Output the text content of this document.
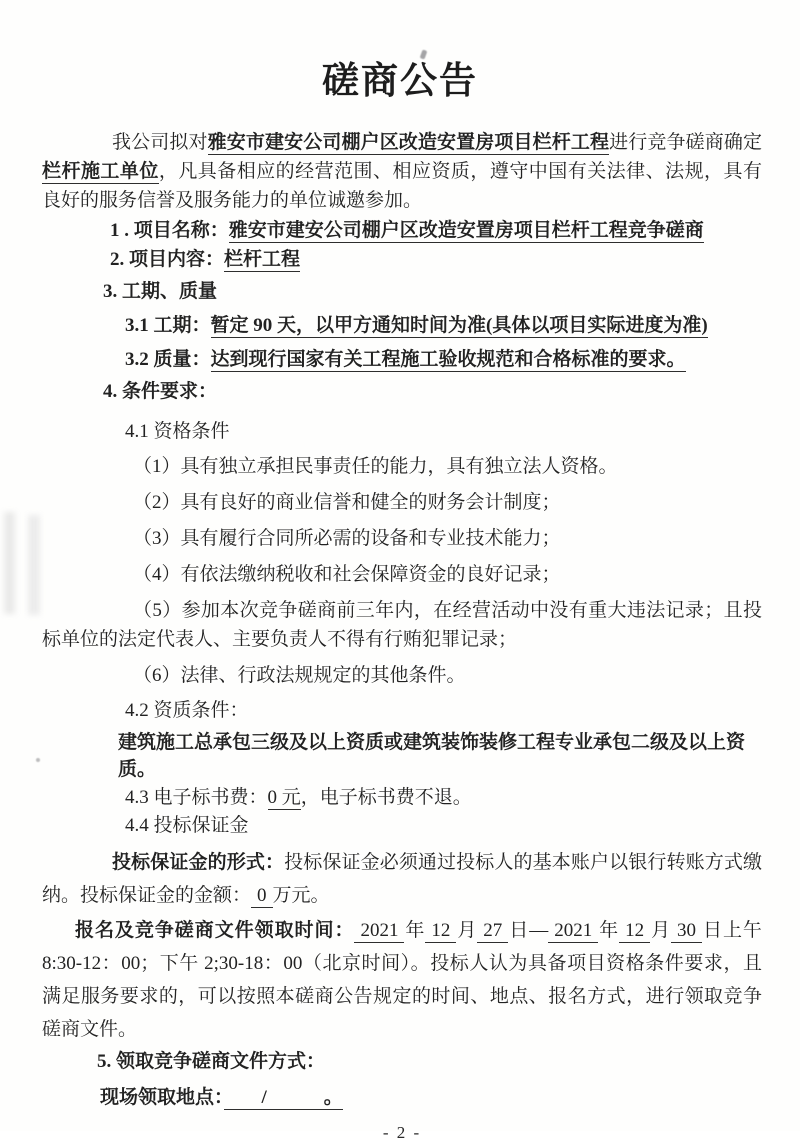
磋商公告

我公司拟对雅安市建安公司棚户区改造安置房项目栏杆工程进行竞争磋商确定栏杆施工单位，凡具备相应的经营范围、相应资质，遵守中国有关法律、法规，具有良好的服务信誉及服务能力的单位诚邀参加。

1 . 项目名称：雅安市建安公司棚户区改造安置房项目栏杆工程竞争磋商

2. 项目内容：栏杆工程

3. 工期、质量

3.1 工期：暂定 90 天，以甲方通知时间为准(具体以项目实际进度为准)

3.2 质量：达到现行国家有关工程施工验收规范和合格标准的要求。

4. 条件要求：

4.1 资格条件

（1）具有独立承担民事责任的能力，具有独立法人资格。

（2）具有良好的商业信誉和健全的财务会计制度；

（3）具有履行合同所必需的设备和专业技术能力；

（4）有依法缴纳税收和社会保障资金的良好记录；

（5）参加本次竞争磋商前三年内，在经营活动中没有重大违法记录；且投标单位的法定代表人、主要负责人不得有行贿犯罪记录；

（6）法律、行政法规规定的其他条件。

4.2 资质条件：

建筑施工总承包三级及以上资质或建筑装饰装修工程专业承包二级及以上资质。

4.3 电子标书费：0 元，电子标书费不退。

4.4 投标保证金

投标保证金的形式：投标保证金必须通过投标人的基本账户以银行转账方式缴纳。投标保证金的金额： 0 万元。

报名及竞争磋商文件领取时间： 2021 年 12 月 27 日— 2021 年 12 月 30 日上午 8:30-12：00；下午 2;30-18：00（北京时间）。投标人认为具备项目资格条件要求，且满足服务要求的，可以按照本磋商公告规定的时间、地点、报名方式，进行领取竞争磋商文件。

5. 领取竞争磋商文件方式：

现场领取地点：　　/　　　。

- 2 -
